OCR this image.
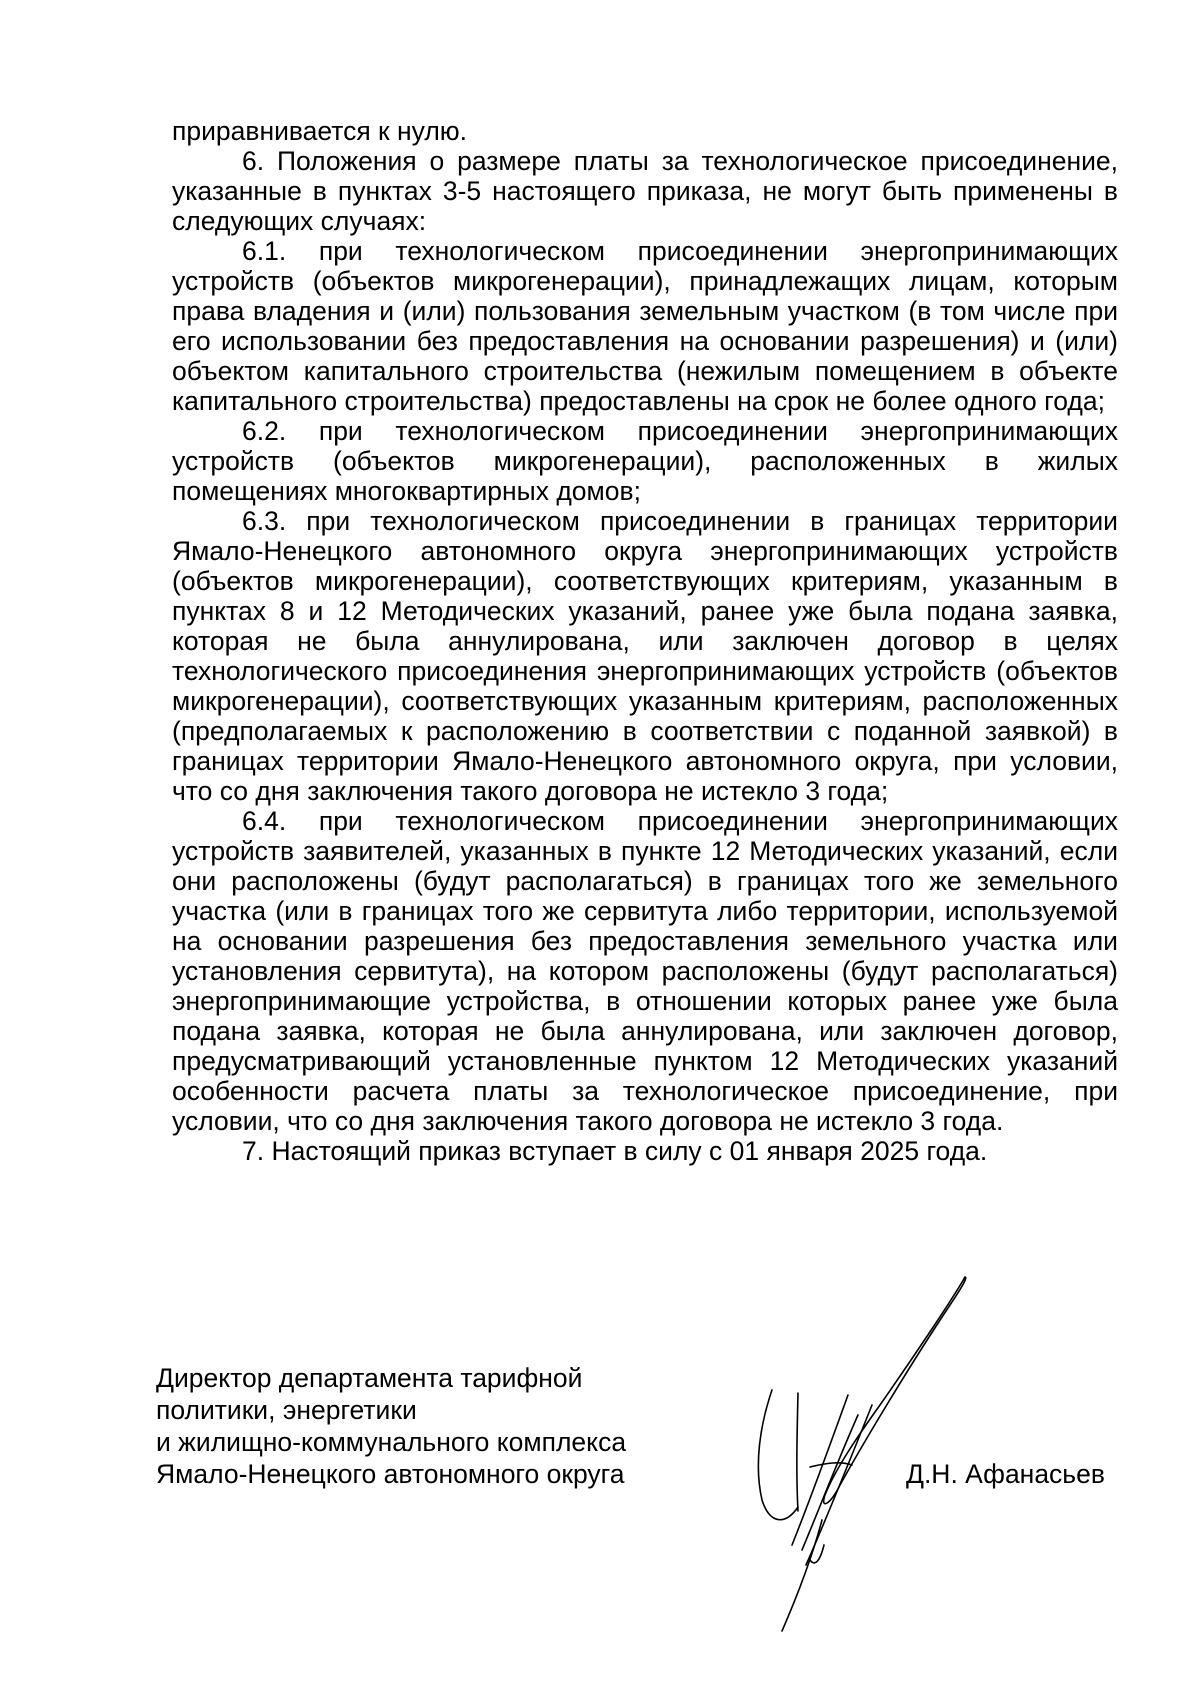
приравнивается к нулю.

6. Положения о размере платы за технологическое присоединение, указанные в пунктах 3-5 настоящего приказа, не могут быть применены в следующих случаях:

6.1. при технологическом присоединении энергопринимающих устройств (объектов микрогенерации), принадлежащих лицам, которым права владения и (или) пользования земельным участком (в том числе при его использовании без предоставления на основании разрешения) и (или) объектом капитального строительства (нежилым помещением в объекте капитального строительства) предоставлены на срок не более одного года;

6.2. при технологическом присоединении энергопринимающих устройств (объектов микрогенерации), расположенных в жилых помещениях многоквартирных домов;

6.3. при технологическом присоединении в границах территории Ямало-Ненецкого автономного округа энергопринимающих устройств (объектов микрогенерации), соответствующих критериям, указанным в пунктах 8 и 12 Методических указаний, ранее уже была подана заявка, которая не была аннулирована, или заключен договор в целях технологического присоединения энергопринимающих устройств (объектов микрогенерации), соответствующих указанным критериям, расположенных (предполагаемых к расположению в соответствии с поданной заявкой) в границах территории Ямало-Ненецкого автономного округа, при условии, что со дня заключения такого договора не истекло 3 года;

6.4. при технологическом присоединении энергопринимающих устройств заявителей, указанных в пункте 12 Методических указаний, если они расположены (будут располагаться) в границах того же земельного участка (или в границах того же сервитута либо территории, используемой на основании разрешения без предоставления земельного участка или установления сервитута), на котором расположены (будут располагаться) энергопринимающие устройства, в отношении которых ранее уже была подана заявка, которая не была аннулирована, или заключен договор, предусматривающий установленные пунктом 12 Методических указаний особенности расчета платы за технологическое присоединение, при условии, что со дня заключения такого договора не истекло 3 года.

7. Настоящий приказ вступает в силу с 01 января 2025 года.

Директор департамента тарифной
политики, энергетики
и жилищно-коммунального комплекса
Ямало-Ненецкого автономного округа	Д.Н. Афанасьев
